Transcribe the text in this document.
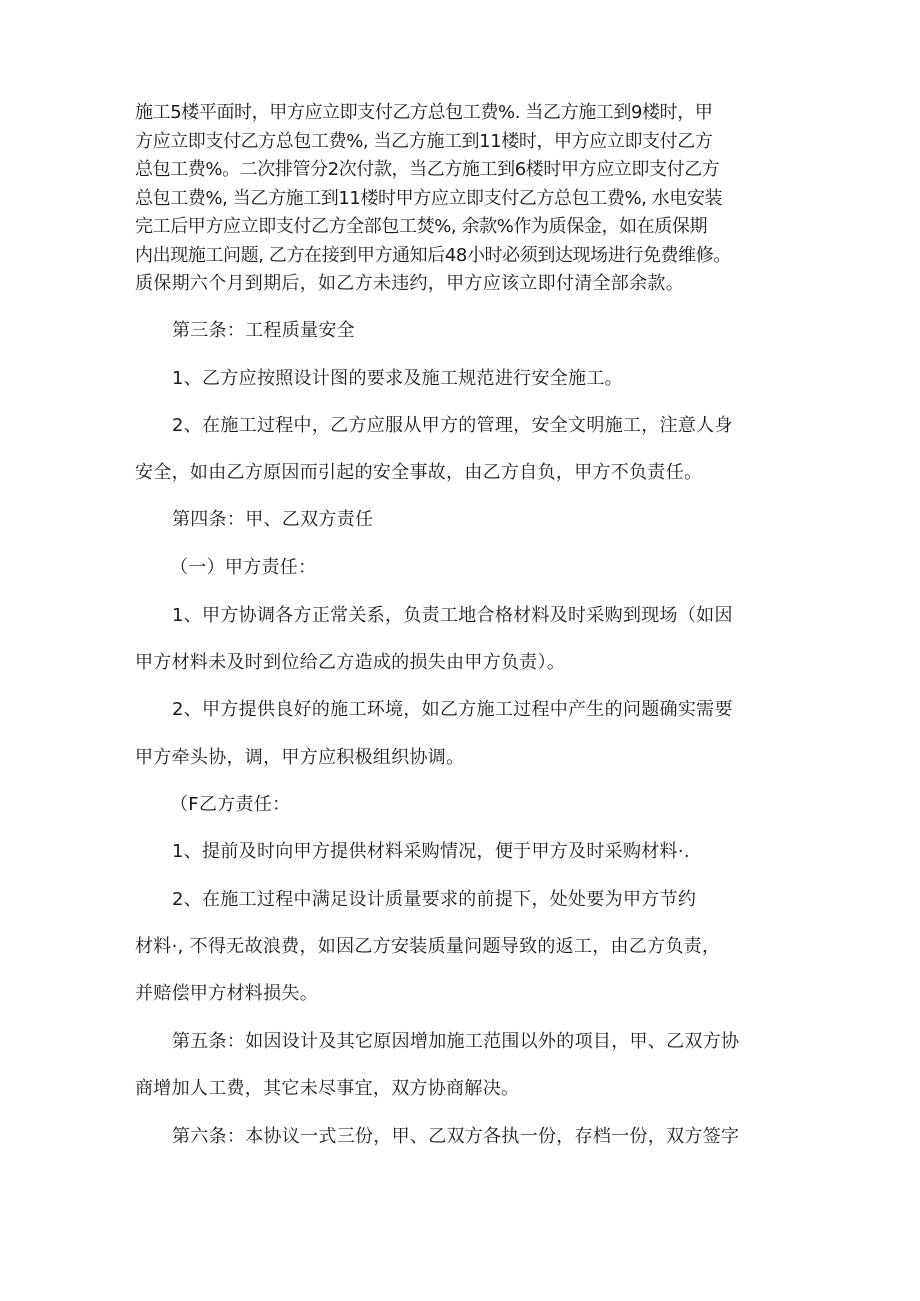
施工5楼平面时，甲方应立即支付乙方总包工费%. 当乙方施工到9楼时，甲
方应立即支付乙方总包工费%, 当乙方施工到11楼时，甲方应立即支付乙方
总包工费%。二次排管分2次付款，当乙方施工到6楼时甲方应立即支付乙方
总包工费%, 当乙方施工到11楼时甲方应立即支付乙方总包工费%, 水电安装
完工后甲方应立即支付乙方全部包工焚%, 余款%作为质保金，如在质保期
内出现施工问题, 乙方在接到甲方通知后48小时必须到达现场进行免费维修。
质保期六个月到期后，如乙方未违约，甲方应该立即付清全部余款。
第三条：工程质量安全
1、乙方应按照设计图的要求及施工规范进行安全施工。
2、在施工过程中，乙方应服从甲方的管理，安全文明施工，注意人身
安全，如由乙方原因而引起的安全事故，由乙方自负，甲方不负责任。
第四条：甲、乙双方责任
（一）甲方责任：
1、甲方协调各方正常关系，负责工地合格材料及时采购到现场（如因
甲方材料未及时到位给乙方造成的损失由甲方负责）。
2、甲方提供良好的施工环境，如乙方施工过程中产生的问题确实需要
甲方牵头协，调，甲方应积极组织协调。
（F乙方责任：
1、提前及时向甲方提供材料采购情况，便于甲方及时采购材料·.
2、在施工过程中满足设计质量要求的前提下，处处要为甲方节约
材料·, 不得无故浪费，如因乙方安装质量问题导致的返工，由乙方负责，
并赔偿甲方材料损失。
第五条：如因设计及其它原因增加施工范围以外的项目，甲、乙双方协
商增加人工费，其它未尽事宜，双方协商解决。
第六条：本协议一式三份，甲、乙双方各执一份，存档一份，双方签字
